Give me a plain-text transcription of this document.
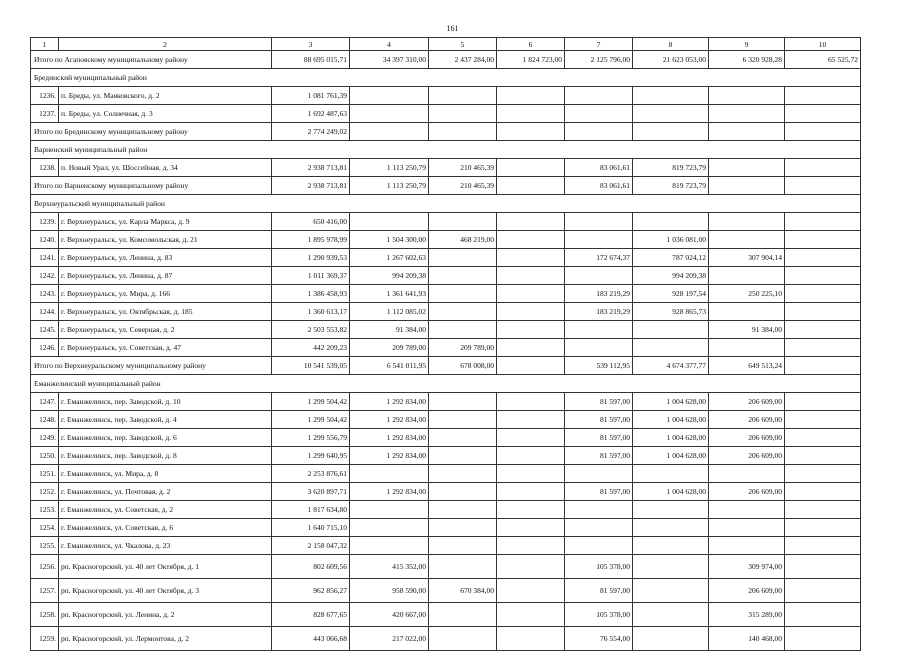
161
1	2	3	4	5	6	7	8	9	10
Итого по Агаповскому муниципальному району		88 695 015,71	34 397 310,00	2 437 284,00	1 824 723,00	2 125 796,00	21 623 053,00	6 320 928,28	65 525,72
Брединский муниципальный район									
1236.	п. Бреды, ул. Маяковского, д. 2	1 081 761,39							
1237.	п. Бреды, ул. Солнечная, д. 3	1 692 487,63							
Итого по Брединскому муниципальному району		2 774 249,02							
Варненский муниципальный район									
1238.	п. Новый Урал, ул. Шоссейная, д. 34	2 938 713,81	1 113 250,79	210 465,39		83 061,61	819 723,79		
Итого по Варненскому муниципальному району		2 938 713,81	1 113 250,79	210 465,39		83 061,61	819 723,79		
Верхнеуральский муниципальный район									
1239.	г. Верхнеуральск, ул. Карла Маркса, д. 9	650 416,00							
1240.	г. Верхнеуральск, ул. Комсомольская, д. 21	1 895 978,99	1 504 300,00	468 219,00			1 036 081,00		
1241.	г. Верхнеуральск, ул. Ленина, д. 83	1 290 939,53	1 267 602,63			172 674,37	787 024,12	307 904,14	
1242.	г. Верхнеуральск, ул. Ленина, д. 87	1 011 369,37	994 209,38				994 209,38		
1243.	г. Верхнеуральск, ул. Мира, д. 166	1 386 458,93	1 361 641,93			183 219,29	928 197,54	250 225,10	
1244.	г. Верхнеуральск, ул. Октябрьская, д. 185	1 360 613,17	1 112 085,02			183 219,29	928 865,73		
1245.	г. Верхнеуральск, ул. Северная, д. 2	2 503 553,82	91 384,00					91 384,00	
1246.	г. Верхнеуральск, ул. Советская, д. 47	442 209,23	209 789,00	209 789,00					
Итого по Верхнеуральскому муниципальному району		10 541 539,05	6 541 011,95	678 008,00		539 112,95	4 674 377,77	649 513,24	
Еманжелинский муниципальный район									
1247.	г. Еманжелинск, пер. Заводской, д. 10	1 299 504,42	1 292 834,00			81 597,00	1 004 628,00	206 609,00	
1248.	г. Еманжелинск, пер. Заводской, д. 4	1 299 504,42	1 292 834,00			81 597,00	1 004 628,00	206 609,00	
1249.	г. Еманжелинск, пер. Заводской, д. 6	1 299 556,79	1 292 834,00			81 597,00	1 004 628,00	206 609,00	
1250.	г. Еманжелинск, пер. Заводской, д. 8	1 299 640,95	1 292 834,00			81 597,00	1 004 628,00	206 609,00	
1251.	г. Еманжелинск, ул. Мира, д. 8	2 253 876,61							
1252.	г. Еманжелинск, ул. Почтовая, д. 2	3 620 897,71	1 292 834,00			81 597,00	1 004 628,00	206 609,00	
1253.	г. Еманжелинск, ул. Советская, д. 2	1 817 634,80							
1254.	г. Еманжелинск, ул. Советская, д. 6	1 640 715,10							
1255.	г. Еманжелинск, ул. Чкалова, д. 23	2 158 047,32							
1256.	рп. Красногорский, ул. 40 лет Октября, д. 1	802 609,56	415 352,00			105 378,00		309 974,00	
1257.	рп. Красногорский, ул. 40 лет Октября, д. 3	962 856,27	958 590,00	670 384,00		81 597,00		206 609,00	
1258.	рп. Красногорский, ул. Ленина, д. 2	828 677,65	420 667,00			105 378,00		315 289,00	
1259.	рп. Красногорский, ул. Лермонтова, д. 2	443 066,68	217 022,00			76 554,00		140 468,00	
